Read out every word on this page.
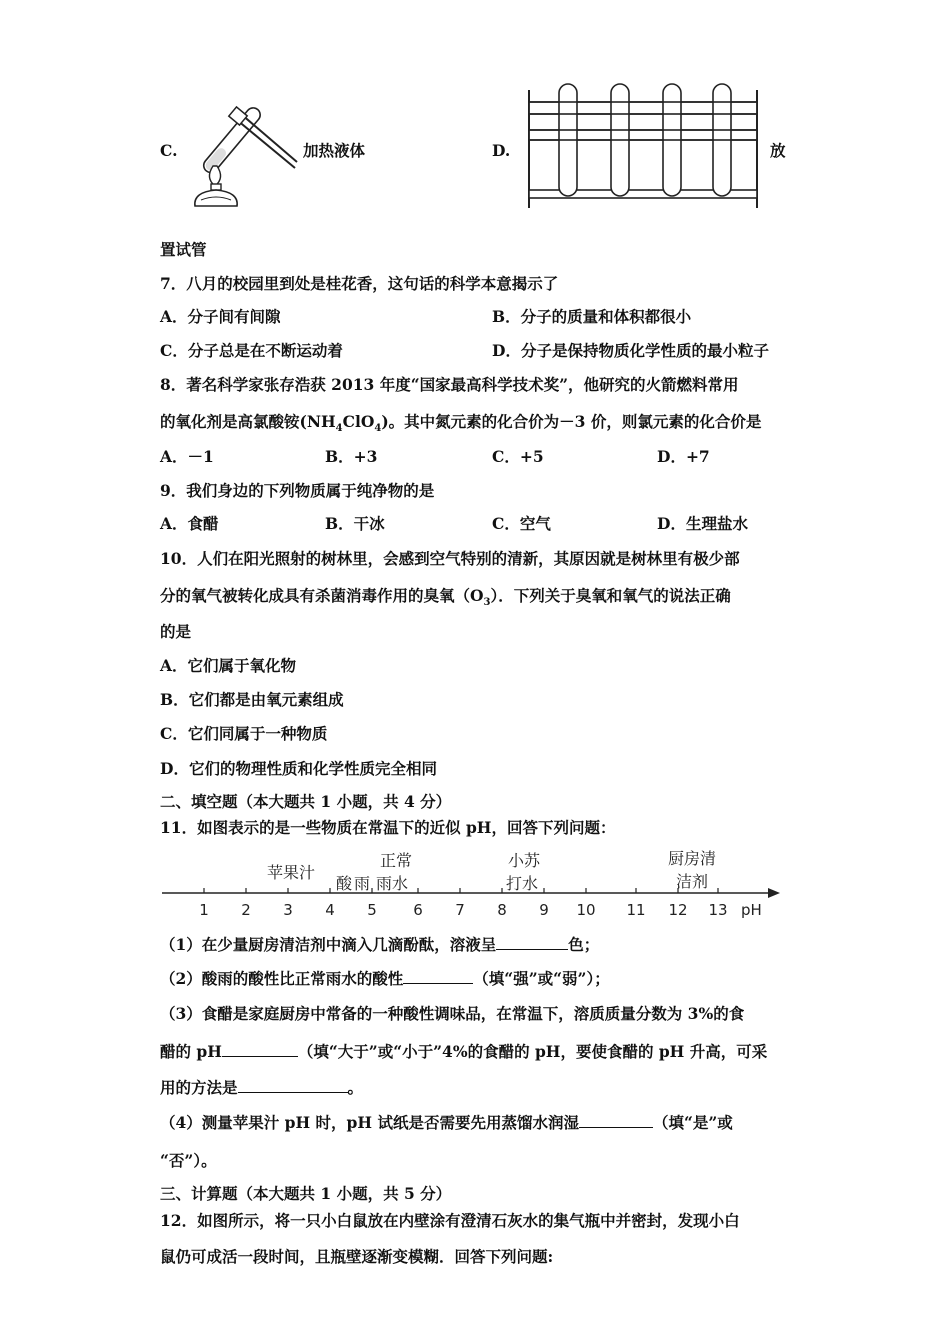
C.	加热液体	D.	放
置试管
7．八月的校园里到处是桂花香，这句话的科学本意揭示了
A．分子间有间隙	B．分子的质量和体积都很小
C．分子总是在不断运动着	D．分子是保持物质化学性质的最小粒子
8．著名科学家张存浩获 2013 年度“国家最高科学技术奖”，他研究的火箭燃料常用
的氧化剂是高氯酸铵$(NH_4ClO_4)$。其中氮元素的化合价为－3 价，则氯元素的化合价是
A．－1	B．+3	C．+5	D．+7
9．我们身边的下列物质属于纯净物的是
A．食醋	B．干冰	C．空气	D．生理盐水
10．人们在阳光照射的树林里，会感到空气特别的清新，其原因就是树林里有极少部
分的氧气被转化成具有杀菌消毒作用的臭氧$(O_3)$．下列关于臭氧和氧气的说法正确
的是
A．它们属于氧化物
B．它们都是由氧元素组成
C．它们同属于一种物质
D．它们的物理性质和化学性质完全相同
二、填空题（本大题共 1 小题，共 4 分）
11．如图表示的是一些物质在常温下的近似 pH，回答下列问题：
1 2 3 4 5 6 7 8 9 10 11 12 13 pH
苹果汁
酸 雨
正常
雨水
小苏
打水
厨房清
洁剂
（1）在少量厨房清洁剂中滴入几滴酚酞，溶液呈	色；
（2）酸雨的酸性比正常雨水的酸性	（填“强”或“弱”）；
（3）食醋是家庭厨房中常备的一种酸性调味品，在常温下，溶质质量分数为 3%的食
醋的 pH	（填“大于”或“小于”4%的食醋的 pH，要使食醋的 pH 升高，可采
用的方法是	。
（4）测量苹果汁 pH 时，pH 试纸是否需要先用蒸馏水润湿	（填“是”或
“否”）。
三、计算题（本大题共 1 小题，共 5 分）
12．如图所示，将一只小白鼠放在内壁涂有澄清石灰水的集气瓶中并密封，发现小白
鼠仍可成活一段时间，且瓶壁逐渐变模糊．回答下列问题:
